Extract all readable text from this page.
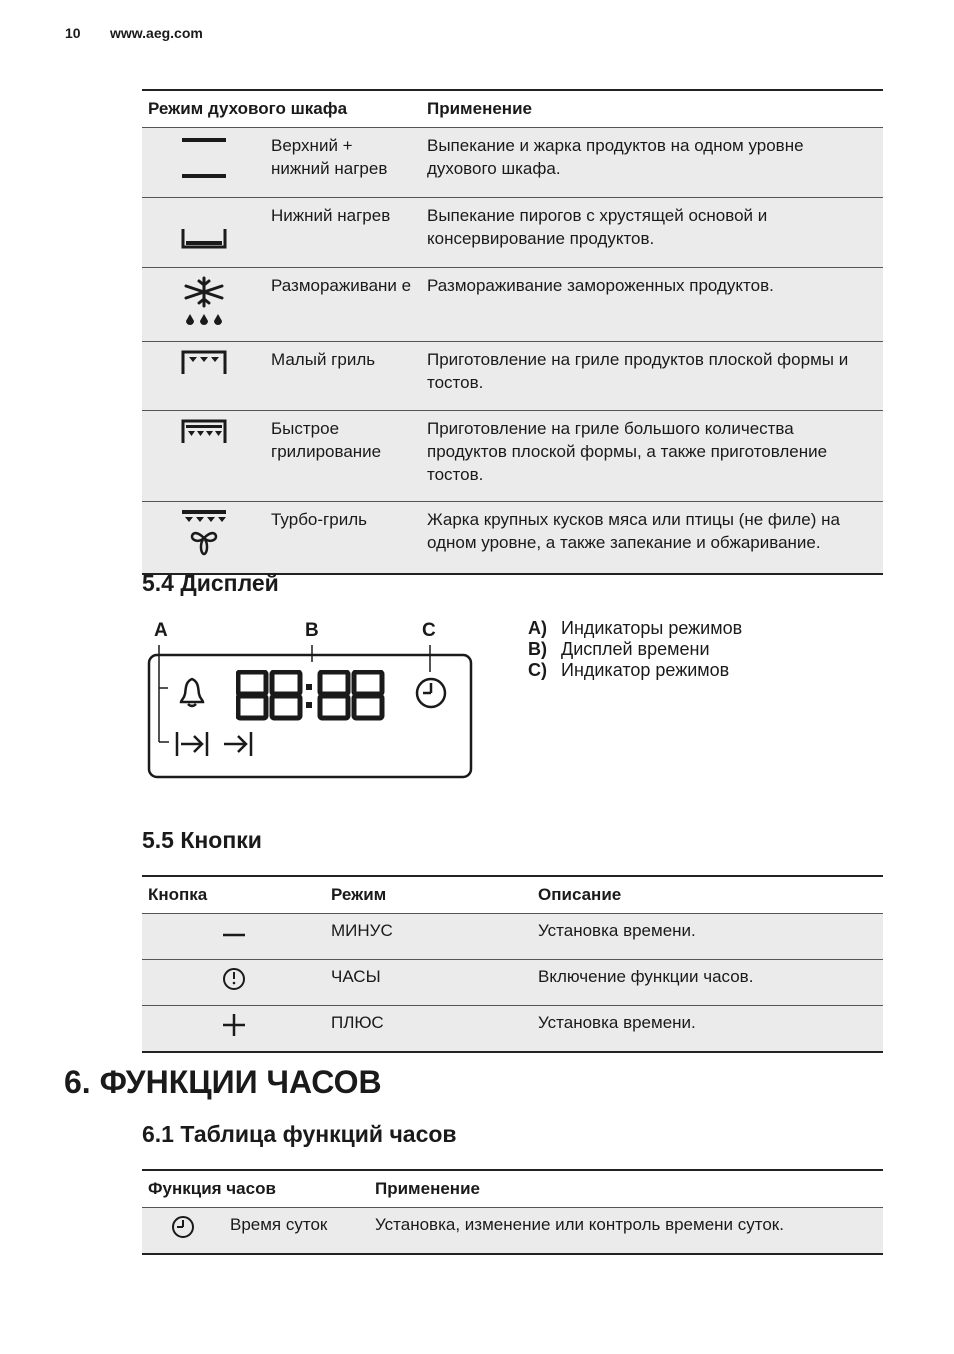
10 www.aeg.com
Режим духового шкафа		Применение

	Верхний + нижний нагрев	Выпекание и жарка продуктов на одном уровне духового шкафа.

	Нижний нагрев	Выпекание пирогов с хрустящей основой и консервирование продуктов.

	Размораживани е	Размораживание замороженных продуктов.

	Малый гриль	Приготовление на гриле продуктов плоской формы и тостов.

	Быстрое грилирование	Приготовление на гриле большого количества продуктов плоской формы, а также приготовление тостов.

	Турбо-гриль	Жарка крупных кусков мяса или птицы (не филе) на одном уровне, а также запекание и обжаривание.
5.4 Дисплей
A	B	C	A) Индикаторы режимов
B) Дисплей времени
C) Индикатор режимов
5.5 Кнопки
Кнопка	Режим	Описание

	МИНУС	Установка времени.

	ЧАСЫ	Включение функции часов.

	ПЛЮС	Установка времени.
6. ФУНКЦИИ ЧАСОВ
6.1 Таблица функций часов
Функция часов		Применение

	Время суток	Установка, изменение или контроль времени суток.
